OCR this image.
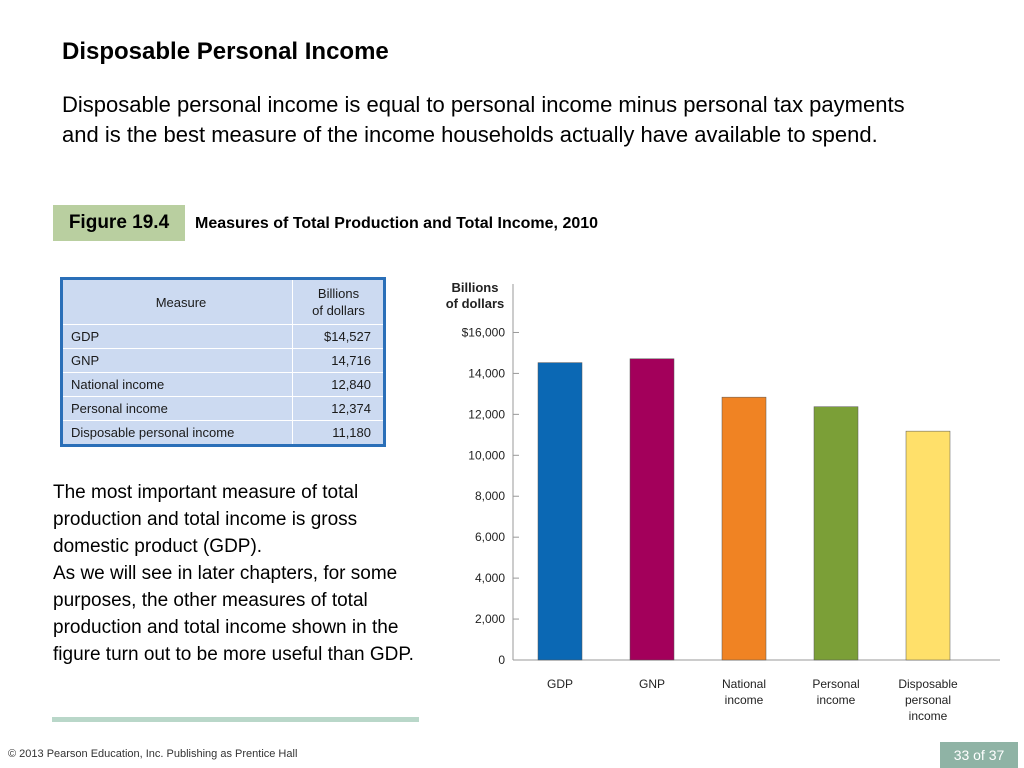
Disposable Personal Income
Disposable personal income is equal to personal income minus personal tax payments and is the best measure of the income households actually have available to spend.
Figure 19.4	Measures of Total Production and Total Income, 2010
Measure	Billions
of dollars
GDP	$14,527
GNP	14,716
National income	12,840
Personal income	12,374
Disposable personal income	11,180

The most important measure of total production and total income is gross domestic product (GDP).

As we will see in later chapters, for some purposes, the other measures of total production and total income shown in the figure turn out to be more useful than GDP.

Billions of dollars
0
2,000
4,000
6,000
8,000
10,000
12,000
14,000
$16,000
GDP	GNP	National income
Personal income
Disposable personal income
© 2013 Pearson Education, Inc. Publishing as Prentice Hall	33 of 37
